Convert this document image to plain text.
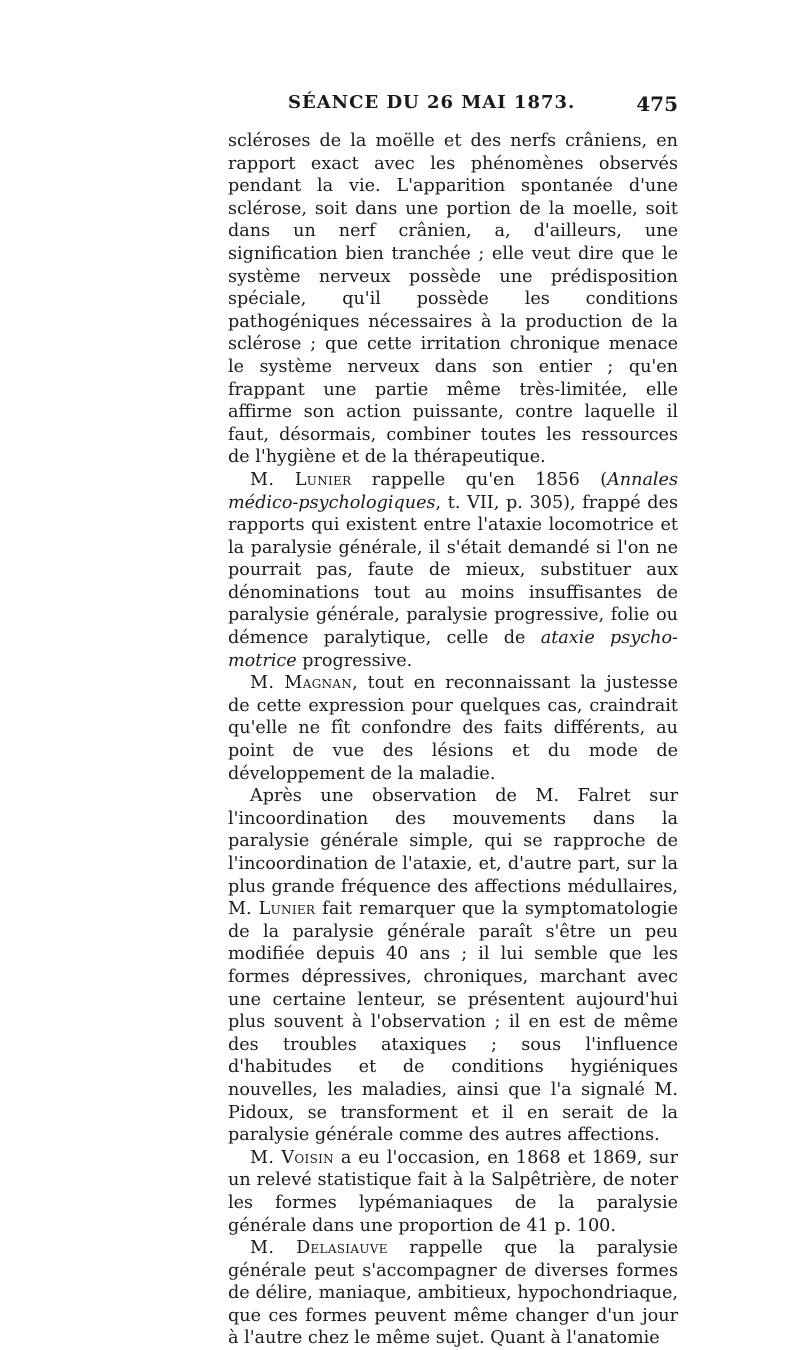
SÉANCE DU 26 MAI 1873.	475

scléroses de la moëlle et des nerfs crâniens, en rapport exact avec les phénomènes observés pendant la vie. L'apparition spontanée d'une sclérose, soit dans une portion de la moelle, soit dans un nerf crânien, a, d'ailleurs, une signification bien tranchée ; elle veut dire que le système nerveux possède une prédisposition spéciale, qu'il possède les conditions pathogéniques nécessaires à la production de la sclérose ; que cette irritation chronique menace le système nerveux dans son entier ; qu'en frappant une partie même très-limitée, elle affirme son action puissante, contre laquelle il faut, désormais, combiner toutes les ressources de l'hygiène et de la thérapeutique.

M. Lunier rappelle qu'en 1856 (Annales médico-psychologiques, t. VII, p. 305), frappé des rapports qui existent entre l'ataxie locomotrice et la paralysie générale, il s'était demandé si l'on ne pourrait pas, faute de mieux, substituer aux dénominations tout au moins insuffisantes de paralysie générale, paralysie progressive, folie ou démence paralytique, celle de ataxie psycho-motrice progressive.

M. Magnan, tout en reconnaissant la justesse de cette expression pour quelques cas, craindrait qu'elle ne fît confondre des faits différents, au point de vue des lésions et du mode de développement de la maladie.

Après une observation de M. Falret sur l'incoordination des mouvements dans la paralysie générale simple, qui se rapproche de l'incoordination de l'ataxie, et, d'autre part, sur la plus grande fréquence des affections médullaires, M. Lunier fait remarquer que la symptomatologie de la paralysie générale paraît s'être un peu modifiée depuis 40 ans ; il lui semble que les formes dépressives, chroniques, marchant avec une certaine lenteur, se présentent aujourd'hui plus souvent à l'observation ; il en est de même des troubles ataxiques ; sous l'influence d'habitudes et de conditions hygiéniques nouvelles, les maladies, ainsi que l'a signalé M. Pidoux, se transforment et il en serait de la paralysie générale comme des autres affections.

M. Voisin a eu l'occasion, en 1868 et 1869, sur un relevé statistique fait à la Salpêtrière, de noter les formes lypémaniaques de la paralysie générale dans une proportion de 41 p. 100.

M. Delasiauve rappelle que la paralysie générale peut s'accompagner de diverses formes de délire, maniaque, ambitieux, hypochondriaque, que ces formes peuvent même changer d'un jour à l'autre chez le même sujet. Quant à l'anatomie
